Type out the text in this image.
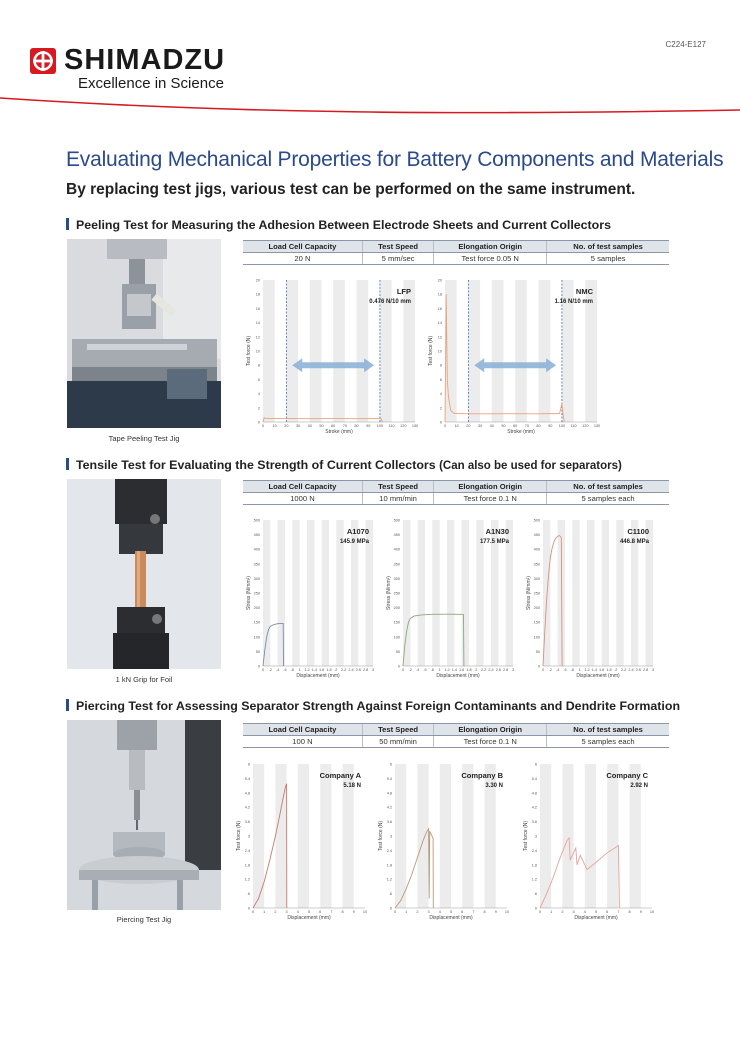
SHIMADZU
Excellence in Science
C224-E127
Evaluating Mechanical Properties for Battery Components and Materials
By replacing test jigs, various test can be performed on the same instrument.
Peeling Test for Measuring the Adhesion Between Electrode Sheets and Current Collectors
Tape Peeling Test Jig
Load Cell Capacity	Test Speed	Elongation Origin	No. of test samples
20 N	5 mm/sec	Test force 0.05 N	5 samples
0
2
4
6
8
10
12
14
16
18
20
0 10 20 30 40 50 60 70 80 90 100 110 120 130
Stroke (mm)
Test force (N)
LFP
0.476 N/10 mm
0
2
4
6
8
10
12
14
16
18
20
0 10 20 30 40 50 60 70 80 90 100 110 120 130
Stroke (mm)
Test force (N)
NMC
1.16 N/10 mm
Tensile Test for Evaluating the Strength of Current Collectors (Can also be used for separators)
1 kN Grip for Foil
Load Cell Capacity	Test Speed	Elongation Origin	No. of test samples
1000 N	10 mm/min	Test force 0.1 N	5 samples each
0
50
100
150
200
250
300
350
400
450
500
0 .2 .4 .6 .8 1 1.2 1.4 1.6 1.8 2 2.2 2.4 2.6 2.8 3
Displacement (mm)
Stress (N/mm²)
A1070
145.9 MPa
0
50
100
150
200
250
300
350
400
450
500
0 .2 .4 .6 .8 1 1.2 1.4 1.6 1.8 2 2.2 2.4 2.6 2.8 3
Displacement (mm)
Stress (N/mm²)
A1N30
177.5 MPa
0
50
100
150
200
250
300
350
400
450
500
0 .2 .4 .6 .8 1 1.2 1.4 1.6 1.8 2 2.2 2.4 2.6 2.8 3
Displacement (mm)
Stress (N/mm²)
C1100
446.8 MPa
Piercing Test for Assessing Separator Strength Against Foreign Contaminants and Dendrite Formation
Piercing Test Jig
Load Cell Capacity	Test Speed	Elongation Origin	No. of test samples
100 N	50 mm/min	Test force 0.1 N	5 samples each
0
.6
1.2
1.8
2.4
3
3.6
4.2
4.8
5.4
6
0 1 2 3 4 5 6 7 8 9 10
Displacement (mm)
Test force (N)
Company A
5.18 N
0
.6
1.2
1.8
2.4
3
3.6
4.2
4.8
5.4
6
0 1 2 3 4 5 6 7 8 9 10
Displacement (mm)
Test force (N)
Company B
3.30 N
0
.6
1.2
1.8
2.4
3
3.6
4.2
4.8
5.4
6
0 1 2 3 4 5 6 7 8 9 10
Displacement (mm)
Test force (N)
Company C
2.92 N
